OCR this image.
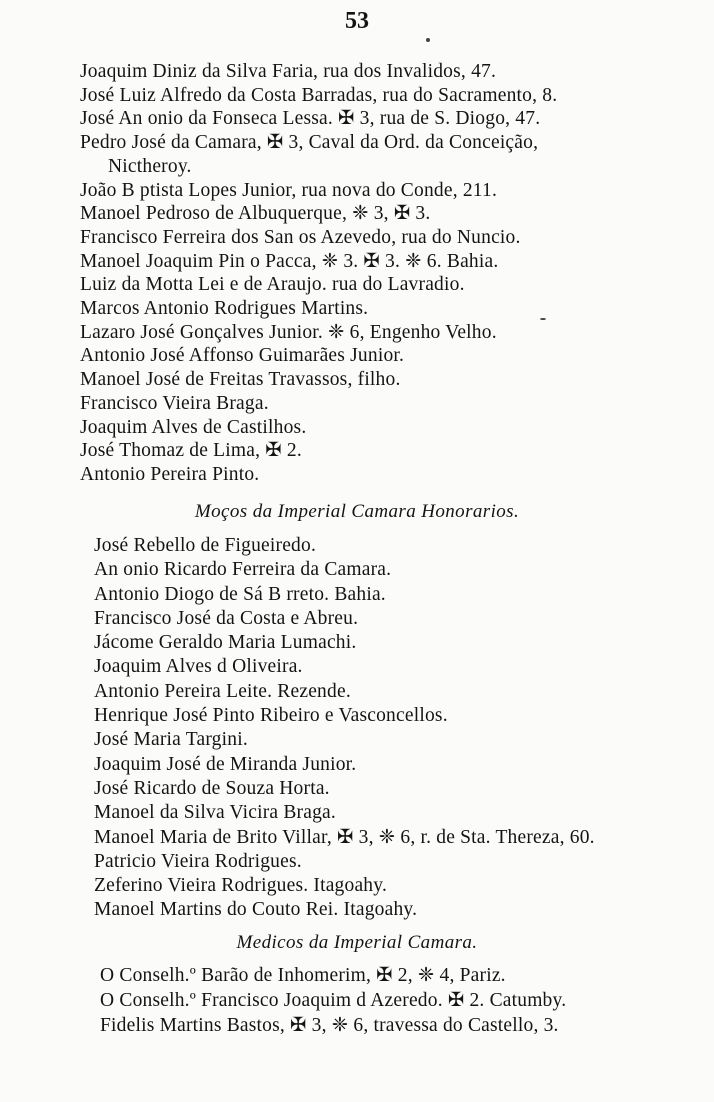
53
Joaquim Diniz da Silva Faria, rua dos Invalidos, 47.
José Luiz Alfredo da Costa Barradas, rua do Sacramento, 8.
José An onio da Fonseca Lessa. ✠ 3, rua de S. Diogo, 47.
Pedro José da Camara, ✠ 3, Caval da Ord. da Conceição,
Nictheroy.
João B ptista Lopes Junior, rua nova do Conde, 211.
Manoel Pedroso de Albuquerque, ❈ 3, ✠ 3.
Francisco Ferreira dos San os Azevedo, rua do Nuncio.
Manoel Joaquim Pin o Pacca, ❈ 3. ✠ 3. ❈ 6. Bahia.
Luiz da Motta Lei e de Araujo. rua do Lavradio.
Marcos Antonio Rodrigues Martins.
Lazaro José Gonçalves Junior. ❈ 6, Engenho Velho.
Antonio José Affonso Guimarães Junior.
Manoel José de Freitas Travassos, filho.
Francisco Vieira Braga.
Joaquim Alves de Castilhos.
José Thomaz de Lima, ✠ 2.
Antonio Pereira Pinto.
Moços da Imperial Camara Honorarios.
José Rebello de Figueiredo.
An onio Ricardo Ferreira da Camara.
Antonio Diogo de Sá B rreto. Bahia.
Francisco José da Costa e Abreu.
Jácome Geraldo Maria Lumachi.
Joaquim Alves d Oliveira.
Antonio Pereira Leite. Rezende.
Henrique José Pinto Ribeiro e Vasconcellos.
José Maria Targini.
Joaquim José de Miranda Junior.
José Ricardo de Souza Horta.
Manoel da Silva Vicira Braga.
Manoel Maria de Brito Villar, ✠ 3, ❈ 6, r. de Sta. Thereza, 60.
Patricio Vieira Rodrigues.
Zeferino Vieira Rodrigues. Itagoahy.
Manoel Martins do Couto Rei. Itagoahy.
Medicos da Imperial Camara.
O Conselh.º Barão de Inhomerim, ✠ 2, ❈ 4, Pariz.
O Conselh.º Francisco Joaquim d Azeredo. ✠ 2. Catumby.
Fidelis Martins Bastos, ✠ 3, ❈ 6, travessa do Castello, 3.
